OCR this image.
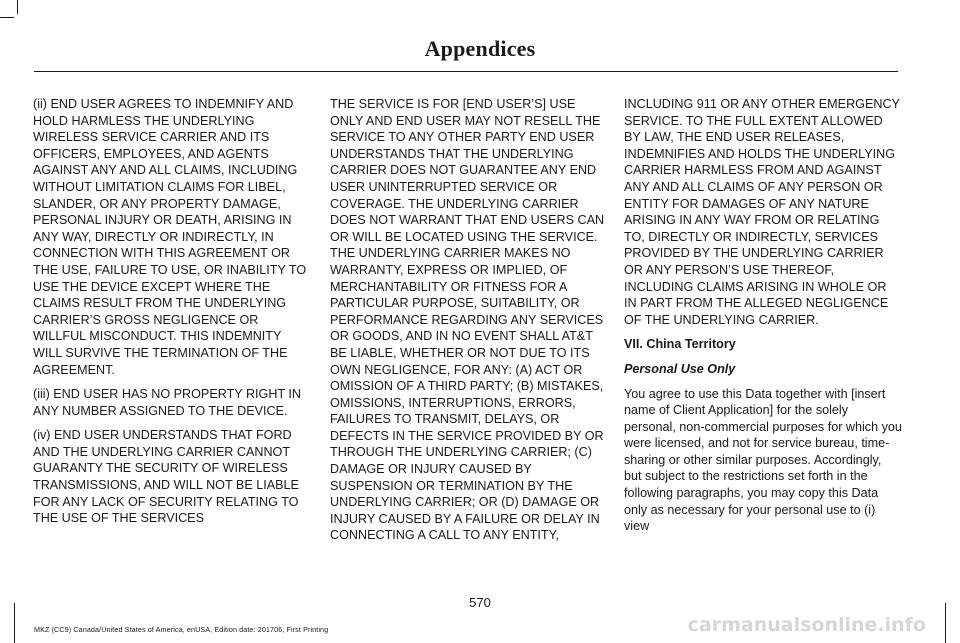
Appendices

(ii) END USER AGREES TO INDEMNIFY AND HOLD HARMLESS THE UNDERLYING WIRELESS SERVICE CARRIER AND ITS OFFICERS, EMPLOYEES, AND AGENTS AGAINST ANY AND ALL CLAIMS, INCLUDING WITHOUT LIMITATION CLAIMS FOR LIBEL, SLANDER, OR ANY PROPERTY DAMAGE, PERSONAL INJURY OR DEATH, ARISING IN ANY WAY, DIRECTLY OR INDIRECTLY, IN CONNECTION WITH THIS AGREEMENT OR THE USE, FAILURE TO USE, OR INABILITY TO USE THE DEVICE EXCEPT WHERE THE CLAIMS RESULT FROM THE UNDERLYING CARRIER’S GROSS NEGLIGENCE OR WILLFUL MISCONDUCT. THIS INDEMNITY WILL SURVIVE THE TERMINATION OF THE AGREEMENT.

(iii) END USER HAS NO PROPERTY RIGHT IN ANY NUMBER ASSIGNED TO THE DEVICE.

(iv) END USER UNDERSTANDS THAT FORD AND THE UNDERLYING CARRIER CANNOT GUARANTY THE SECURITY OF WIRELESS TRANSMISSIONS, AND WILL NOT BE LIABLE FOR ANY LACK OF SECURITY RELATING TO THE USE OF THE SERVICES

THE SERVICE IS FOR [END USER’S] USE ONLY AND END USER MAY NOT RESELL THE SERVICE TO ANY OTHER PARTY END USER UNDERSTANDS THAT THE UNDERLYING CARRIER DOES NOT GUARANTEE ANY END USER UNINTERRUPTED SERVICE OR COVERAGE. THE UNDERLYING CARRIER DOES NOT WARRANT THAT END USERS CAN OR WILL BE LOCATED USING THE SERVICE. THE UNDERLYING CARRIER MAKES NO WARRANTY, EXPRESS OR IMPLIED, OF MERCHANTABILITY OR FITNESS FOR A PARTICULAR PURPOSE, SUITABILITY, OR PERFORMANCE REGARDING ANY SERVICES OR GOODS, AND IN NO EVENT SHALL AT&T BE LIABLE, WHETHER OR NOT DUE TO ITS OWN NEGLIGENCE, FOR ANY: (A) ACT OR OMISSION OF A THIRD PARTY; (B) MISTAKES, OMISSIONS, INTERRUPTIONS, ERRORS, FAILURES TO TRANSMIT, DELAYS, OR DEFECTS IN THE SERVICE PROVIDED BY OR THROUGH THE UNDERLYING CARRIER; (C) DAMAGE OR INJURY CAUSED BY SUSPENSION OR TERMINATION BY THE UNDERLYING CARRIER; OR (D) DAMAGE OR INJURY CAUSED BY A FAILURE OR DELAY IN CONNECTING A CALL TO ANY ENTITY,

INCLUDING 911 OR ANY OTHER EMERGENCY SERVICE. TO THE FULL EXTENT ALLOWED BY LAW, THE END USER RELEASES, INDEMNIFIES AND HOLDS THE UNDERLYING CARRIER HARMLESS FROM AND AGAINST ANY AND ALL CLAIMS OF ANY PERSON OR ENTITY FOR DAMAGES OF ANY NATURE ARISING IN ANY WAY FROM OR RELATING TO, DIRECTLY OR INDIRECTLY, SERVICES PROVIDED BY THE UNDERLYING CARRIER OR ANY PERSON’S USE THEREOF, INCLUDING CLAIMS ARISING IN WHOLE OR IN PART FROM THE ALLEGED NEGLIGENCE OF THE UNDERLYING CARRIER.

VII. China Territory

Personal Use Only

You agree to use this Data together with [insert name of Client Application] for the solely personal, non-commercial purposes for which you were licensed, and not for service bureau, time-sharing or other similar purposes. Accordingly, but subject to the restrictions set forth in the following paragraphs, you may copy this Data only as necessary for your personal use to (i) view

570
MKZ (CC9) Canada/United States of America, enUSA, Edition date: 201706, First Printing	carmanualsonline.info
